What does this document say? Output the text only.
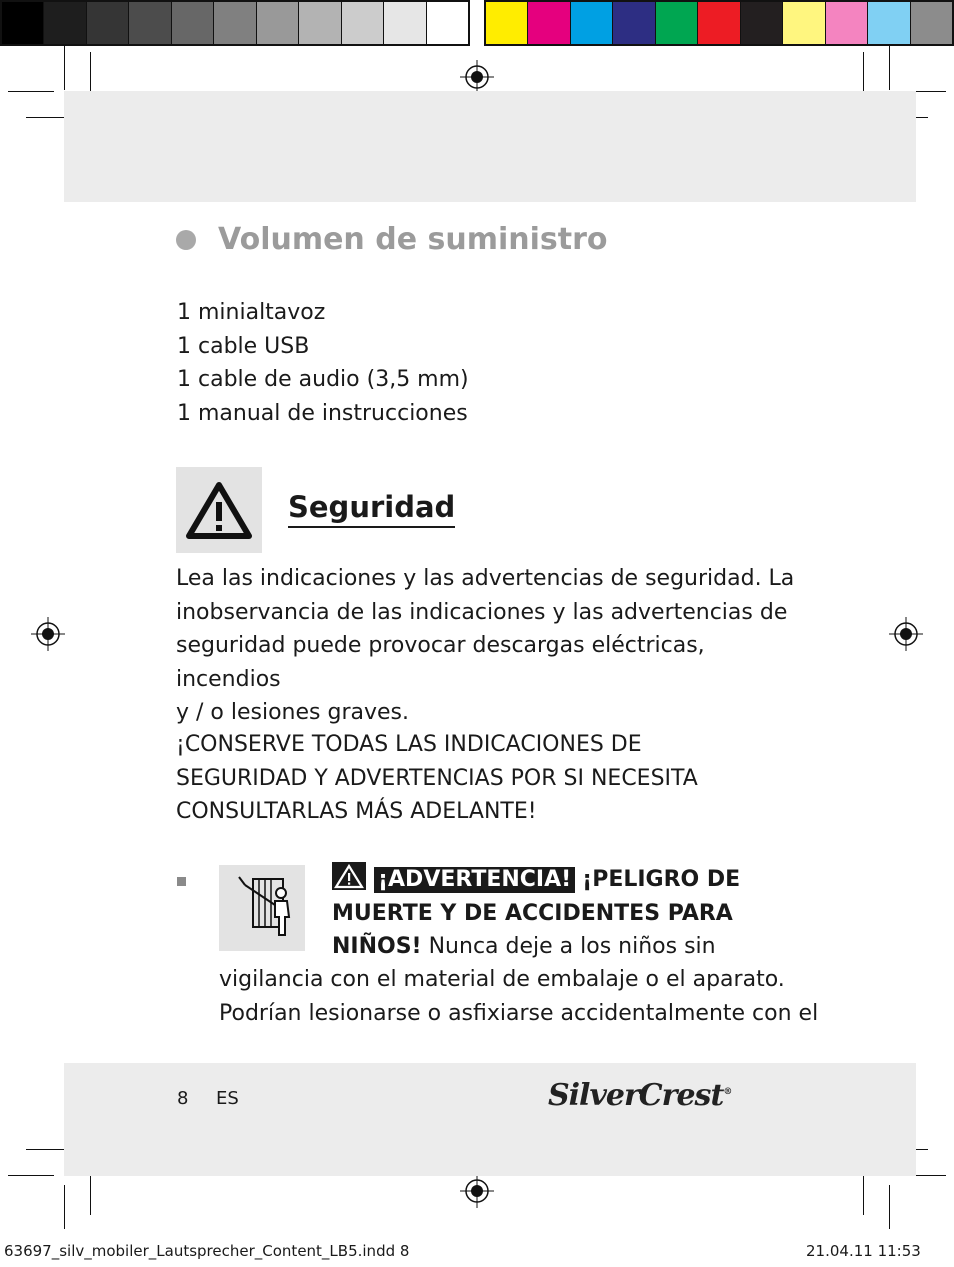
Volumen de suministro
1 minialtavoz
1 cable USB
1 cable de audio (3,5 mm)
1 manual de instrucciones
Seguridad
Lea las indicaciones y las advertencias de seguridad. La
inobservancia de las indicaciones y las advertencias de
seguridad puede provocar descargas eléctricas, incendios
y / o lesiones graves.
¡CONSERVE TODAS LAS INDICACIONES DE
SEGURIDAD Y ADVERTENCIAS POR SI NECESITA
CONSULTARLAS MÁS ADELANTE!
¡ADVERTENCIA! ¡PELIGRO DE
MUERTE Y DE ACCIDENTES PARA
NIÑOS! Nunca deje a los niños sin
vigilancia con el material de embalaje o el aparato.
Podrían lesionarse o asfixiarse accidentalmente con el
8 ES	SilverCrest®
63697_silv_mobiler_Lautsprecher_Content_LB5.indd 8	21.04.11 11:53
